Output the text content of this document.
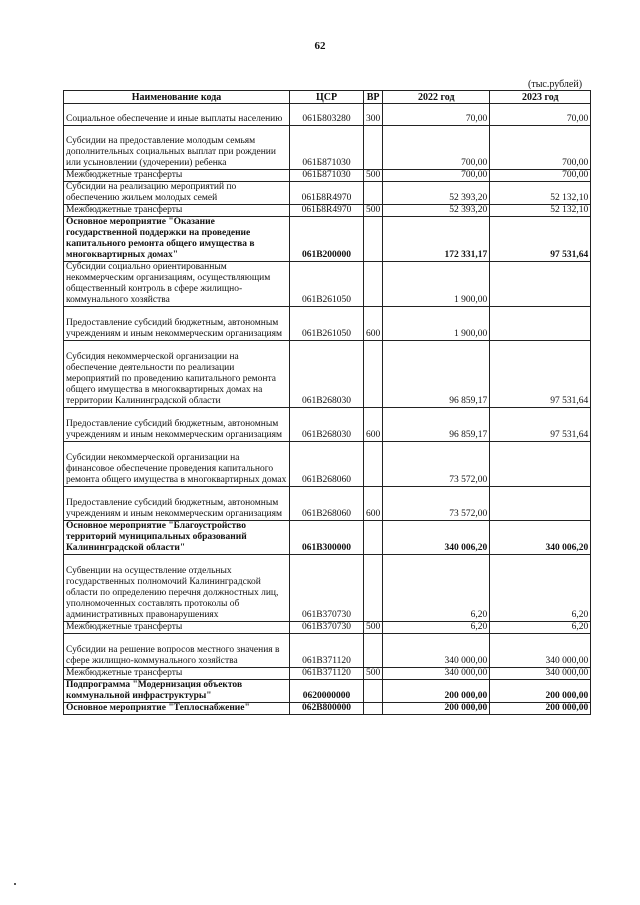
62
(тыс.рублей)
Наименование кода	ЦСР	ВР	2022 год	2023 год
Социальное обеспечение и иные выплаты населению	061Б803280	300	70,00	70,00
Субсидии на предоставление молодым семьям дополнительных социальных выплат при рождении или усыновлении (удочерении) ребенка	061Б871030		700,00	700,00
Межбюджетные трансферты	061Б871030	500	700,00	700,00
Субсидии на реализацию мероприятий по обеспечению жильем молодых семей	061Б8R4970		52 393,20	52 132,10
Межбюджетные трансферты	061Б8R4970	500	52 393,20	52 132,10
Основное мероприятие "Оказание государственной поддержки на проведение капитального ремонта общего имущества в многоквартирных домах"	061В200000		172 331,17	97 531,64
Субсидии социально ориентированным некоммерческим организациям, осуществляющим общественный контроль в сфере жилищно-коммунального хозяйства	061В261050		1 900,00	
Предоставление субсидий бюджетным, автономным учреждениям и иным некоммерческим организациям	061В261050	600	1 900,00	
Субсидия некоммерческой организации на обеспечение деятельности по реализации мероприятий по проведению капитального ремонта общего имущества в многоквартирных домах на территории Калининградской области	061В268030		96 859,17	97 531,64
Предоставление субсидий бюджетным, автономным учреждениям и иным некоммерческим организациям	061В268030	600	96 859,17	97 531,64
Субсидии некоммерческой организации на финансовое обеспечение проведения капитального ремонта общего имущества в многоквартирных домах	061В268060		73 572,00	
Предоставление субсидий бюджетным, автономным учреждениям и иным некоммерческим организациям	061В268060	600	73 572,00	
Основное мероприятие "Благоустройство территорий муниципальных образований Калининградской области"	061В300000		340 006,20	340 006,20
Субвенции на осуществление отдельных государственных полномочий Калининградской области по определению перечня должностных лиц, уполномоченных составлять протоколы об административных правонарушениях	061В370730		6,20	6,20
Межбюджетные трансферты	061В370730	500	6,20	6,20
Субсидии на решение вопросов местного значения в сфере жилищно-коммунального хозяйства	061В371120		340 000,00	340 000,00
Межбюджетные трансферты	061В371120	500	340 000,00	340 000,00
Подпрограмма "Модернизация объектов коммунальной инфраструктуры"	0620000000		200 000,00	200 000,00
Основное мероприятие "Теплоснабжение"	062В800000		200 000,00	200 000,00
